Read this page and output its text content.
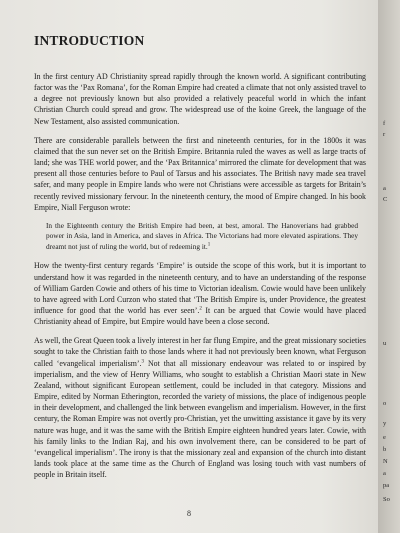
INTRODUCTION

In the first century AD Christianity spread rapidly through the known world. A significant contributing factor was the ‘Pax Romana’, for the Roman Empire had created a climate that not only assisted travel to a degree not previously known but also provided a relatively peaceful world in which the infant Christian Church could spread and grow. The widespread use of the koine Greek, the language of the New Testament, also assisted communication.

There are considerable parallels between the first and nineteenth centuries, for in the 1800s it was claimed that the sun never set on the British Empire. Britannia ruled the waves as well as large tracts of land; she was THE world power, and the ‘Pax Britannica’ mirrored the climate for development that was present all those centuries before to Paul of Tarsus and his associates. The British navy made sea travel safer, and many people in Empire lands who were not Christians were accessible as targets for Britain’s recently revived missionary fervour. In the nineteenth century, the mood of Empire changed. In his book Empire, Niall Ferguson wrote:

In the Eighteenth century the British Empire had been, at best, amoral. The Hanoverians had grabbed power in Asia, land in America, and slaves in Africa. The Victorians had more elevated aspirations. They dreamt not just of ruling the world, but of redeeming it.$^1$

How the twenty-first century regards ‘Empire’ is outside the scope of this work, but it is important to understand how it was regarded in the nineteenth century, and to have an understanding of the response of William Garden Cowie and others of his time to Victorian idealism. Cowie would have been unlikely to have agreed with Lord Curzon who stated that ‘The British Empire is, under Providence, the greatest influence for good that the world has ever seen’.$^2$ It can be argued that Cowie would have placed Christianity ahead of Empire, but Empire would have been a close second.

As well, the Great Queen took a lively interest in her far flung Empire, and the great missionary societies sought to take the Christian faith to those lands where it had not previously been known, what Ferguson called ‘evangelical imperialism’.$^3$ Not that all missionary endeavour was related to or inspired by imperialism, and the view of Henry Williams, who sought to establish a Christian Maori state in New Zealand, without significant European settlement, could be included in that category. Missions and Empire, edited by Norman Etherington, recorded the variety of missions, the place of indigenous people in their development, and challenged the link between evangelism and imperialism. However, in the first century, the Roman Empire was not overtly pro-Christian, yet the unwitting assistance it gave by its very nature was huge, and it was the same with the British Empire eighteen hundred years later. Cowie, with his family links to the Indian Raj, and his own involvement there, can be considered to be part of ‘evangelical imperialism’. The irony is that the missionary zeal and expansion of the church into distant lands took place at the same time as the Church of England was losing touch with vast numbers of people in Britain itself.

8
f
r
a
C
u
o
y
e
b
N
a
pa
So
